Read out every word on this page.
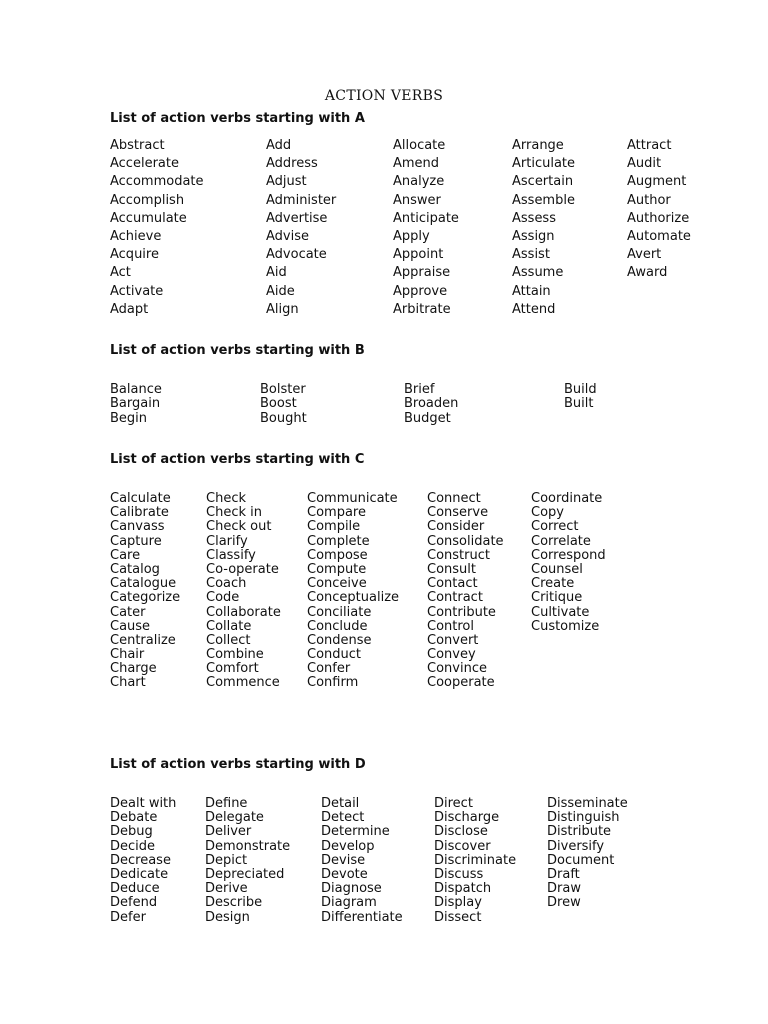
ACTION VERBS
List of action verbs starting with A
Abstract
Accelerate
Accommodate
Accomplish
Accumulate
Achieve
Acquire
Act
Activate
Adapt
Add
Address
Adjust
Administer
Advertise
Advise
Advocate
Aid
Aide
Align
Allocate
Amend
Analyze
Answer
Anticipate
Apply
Appoint
Appraise
Approve
Arbitrate
Arrange
Articulate
Ascertain
Assemble
Assess
Assign
Assist
Assume
Attain
Attend
Attract
Audit
Augment
Author
Authorize
Automate
Avert
Award
List of action verbs starting with B
Balance
Bargain
Begin
Bolster
Boost
Bought
Brief
Broaden
Budget
Build
Built
List of action verbs starting with C
Calculate
Calibrate
Canvass
Capture
Care
Catalog
Catalogue
Categorize
Cater
Cause
Centralize
Chair
Charge
Chart
Check
Check in
Check out
Clarify
Classify
Co-operate
Coach
Code
Collaborate
Collate
Collect
Combine
Comfort
Commence
Communicate
Compare
Compile
Complete
Compose
Compute
Conceive
Conceptualize
Conciliate
Conclude
Condense
Conduct
Confer
Confirm
Connect
Conserve
Consider
Consolidate
Construct
Consult
Contact
Contract
Contribute
Control
Convert
Convey
Convince
Cooperate
Coordinate
Copy
Correct
Correlate
Correspond
Counsel
Create
Critique
Cultivate
Customize
List of action verbs starting with D
Dealt with
Debate
Debug
Decide
Decrease
Dedicate
Deduce
Defend
Defer
Define
Delegate
Deliver
Demonstrate
Depict
Depreciated
Derive
Describe
Design
Detail
Detect
Determine
Develop
Devise
Devote
Diagnose
Diagram
Differentiate
Direct
Discharge
Disclose
Discover
Discriminate
Discuss
Dispatch
Display
Dissect
Disseminate
Distinguish
Distribute
Diversify
Document
Draft
Draw
Drew
